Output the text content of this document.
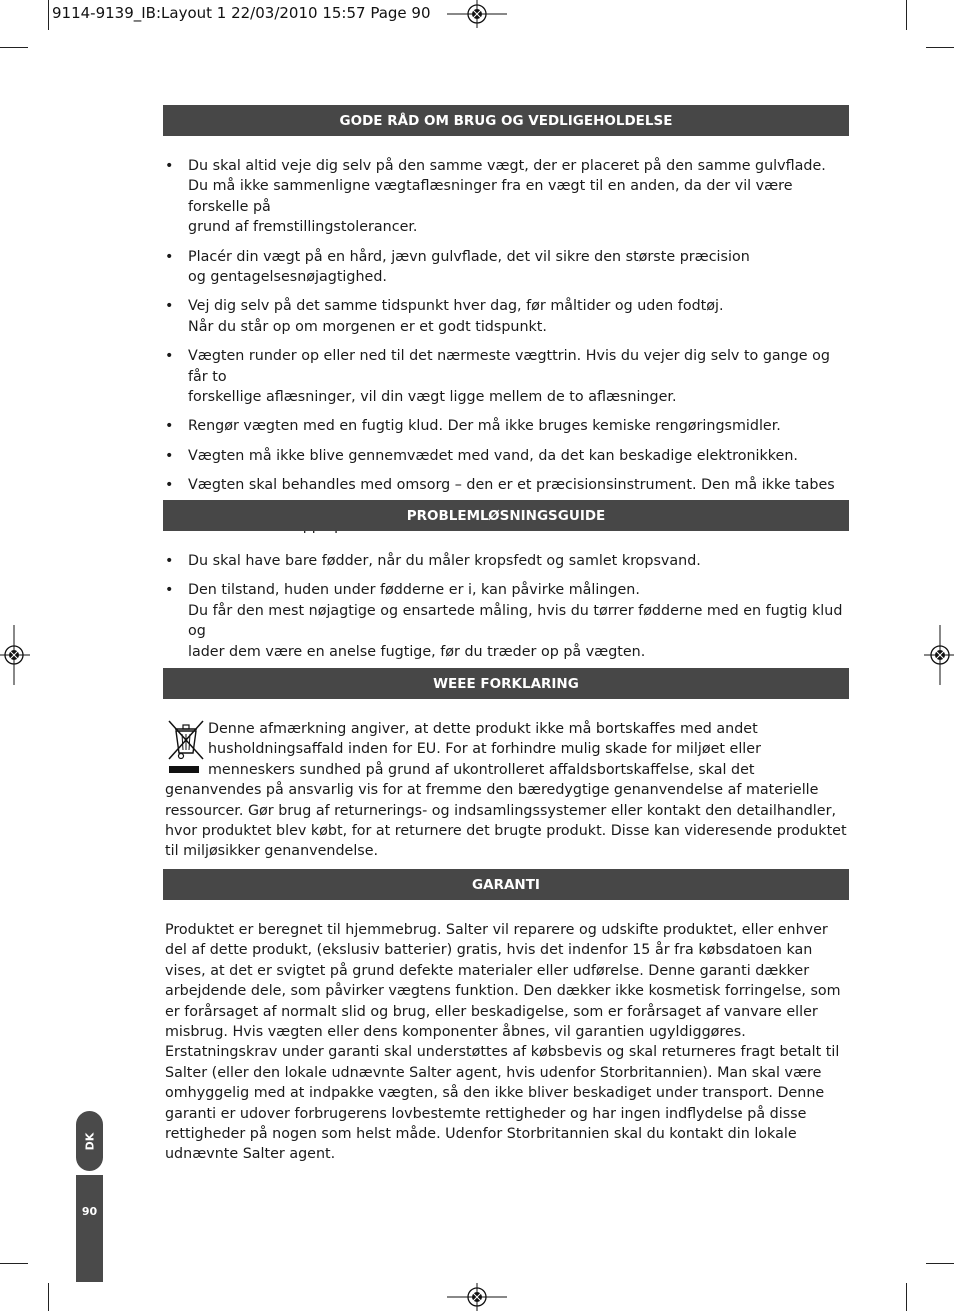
9114-9139_IB:Layout 1 22/03/2010 15:57 Page 90
GODE RÅD OM BRUG OG VEDLIGEHOLDELSE
• Du skal altid veje dig selv på den samme vægt, der er placeret på den samme gulvflade.
Du må ikke sammenligne vægtaflæsninger fra en vægt til en anden, da der vil være forskelle på
grund af fremstillingstolerancer.
• Placér din vægt på en hård, jævn gulvflade, det vil sikre den største præcision
og gentagelsesnøjagtighed.
• Vej dig selv på det samme tidspunkt hver dag, før måltider og uden fodtøj.
Når du står op om morgenen er et godt tidspunkt.
• Vægten runder op eller ned til det nærmeste vægttrin. Hvis du vejer dig selv to gange og får to
forskellige aflæsninger, vil din vægt ligge mellem de to aflæsninger.
• Rengør vægten med en fugtig klud. Der må ikke bruges kemiske rengøringsmidler.
• Vægten må ikke blive gennemvædet med vand, da det kan beskadige elektronikken.
• Vægten skal behandles med omsorg – den er et præcisionsinstrument. Den må ikke tabes
PROBLEMLØSNINGSGUIDE
• Du skal have bare fødder, når du måler kropsfedt og samlet kropsvand.
• Den tilstand, huden under fødderne er i, kan påvirke målingen.
Du får den mest nøjagtige og ensartede måling, hvis du tørrer fødderne med en fugtig klud og
lader dem være en anelse fugtige, før du træder op på vægten.
WEEE FORKLARING

Denne afmærkning angiver, at dette produkt ikke må bortskaffes med andet husholdningsaffald inden for EU. For at forhindre mulig skade for miljøet eller menneskers sundhed på grund af ukontrolleret affaldsbortskaffelse, skal det genanvendes på ansvarlig vis for at fremme den bæredygtige genanvendelse af materielle ressourcer. Gør brug af returnerings- og indsamlingssystemer eller kontakt den detailhandler, hvor produktet blev købt, for at returnere det brugte produkt. Disse kan videresende produktet til miljøsikker genanvendelse.

GARANTI

Produktet er beregnet til hjemmebrug. Salter vil reparere og udskifte produktet, eller enhver del af dette produkt, (ekslusiv batterier) gratis, hvis det indenfor 15 år fra købsdatoen kan vises, at det er svigtet på grund defekte materialer eller udførelse. Denne garanti dækker arbejdende dele, som påvirker vægtens funktion. Den dækker ikke kosmetisk forringelse, som er forårsaget af normalt slid og brug, eller beskadigelse, som er forårsaget af vanvare eller misbrug. Hvis vægten eller dens komponenter åbnes, vil garantien ugyldiggøres. Erstatningskrav under garanti skal understøttes af købsbevis og skal returneres fragt betalt til Salter (eller den lokale udnævnte Salter agent, hvis udenfor Storbritannien). Man skal være omhyggelig med at indpakke vægten, så den ikke bliver beskadiget under transport. Denne garanti er udover forbrugerens lovbestemte rettigheder og har ingen indflydelse på disse rettigheder på nogen som helst måde. Udenfor Storbritannien skal du kontakt din lokale udnævnte Salter agent.

DK
90
